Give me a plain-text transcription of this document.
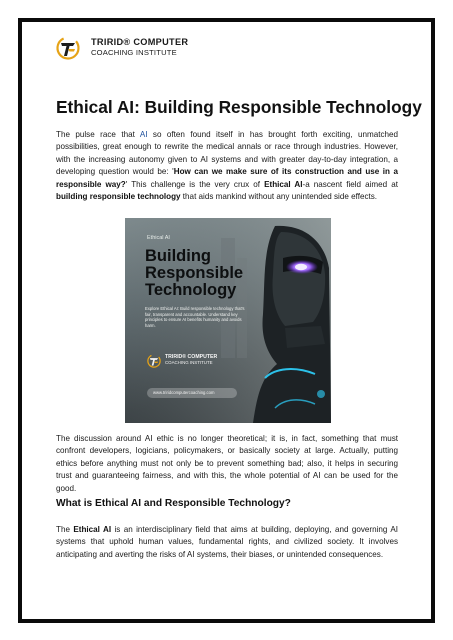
TRIRID® COMPUTER
COACHING INSTITUTE
Ethical AI: Building Responsible Technology

The pulse race that AI so often found itself in has brought forth exciting, unmatched possibilities, great enough to rewrite the medical annals or race through industries. However, with the increasing autonomy given to AI systems and with greater day-to-day integration, a developing question would be: 'How can we make sure of its construction and use in a responsible way?' This challenge is the very crux of Ethical AI-a nascent field aimed at building responsible technology that aids mankind without any unintended side effects.

Ethical AI
Building
Responsible
Technology
Explore Ethical AI: Build responsible technology that's fair, transparent and accountable. Understand key principles to ensure AI benefits humanity and avoids harm.
TRIRID® COMPUTER
COACHING INSTITUTE
www.triridcomputercoaching.com

The discussion around AI ethic is no longer theoretical; it is, in fact, something that must confront developers, logicians, policymakers, or basically society at large. Actually, putting ethics before anything must not only be to prevent something bad; also, it helps in securing trust and guaranteeing fairness, and with this, the whole potential of AI can be used for the good.

What is Ethical AI and Responsible Technology?

The Ethical AI is an interdisciplinary field that aims at building, deploying, and governing AI systems that uphold human values, fundamental rights, and civilized society. It involves anticipating and averting the risks of AI systems, their biases, or unintended consequences.
